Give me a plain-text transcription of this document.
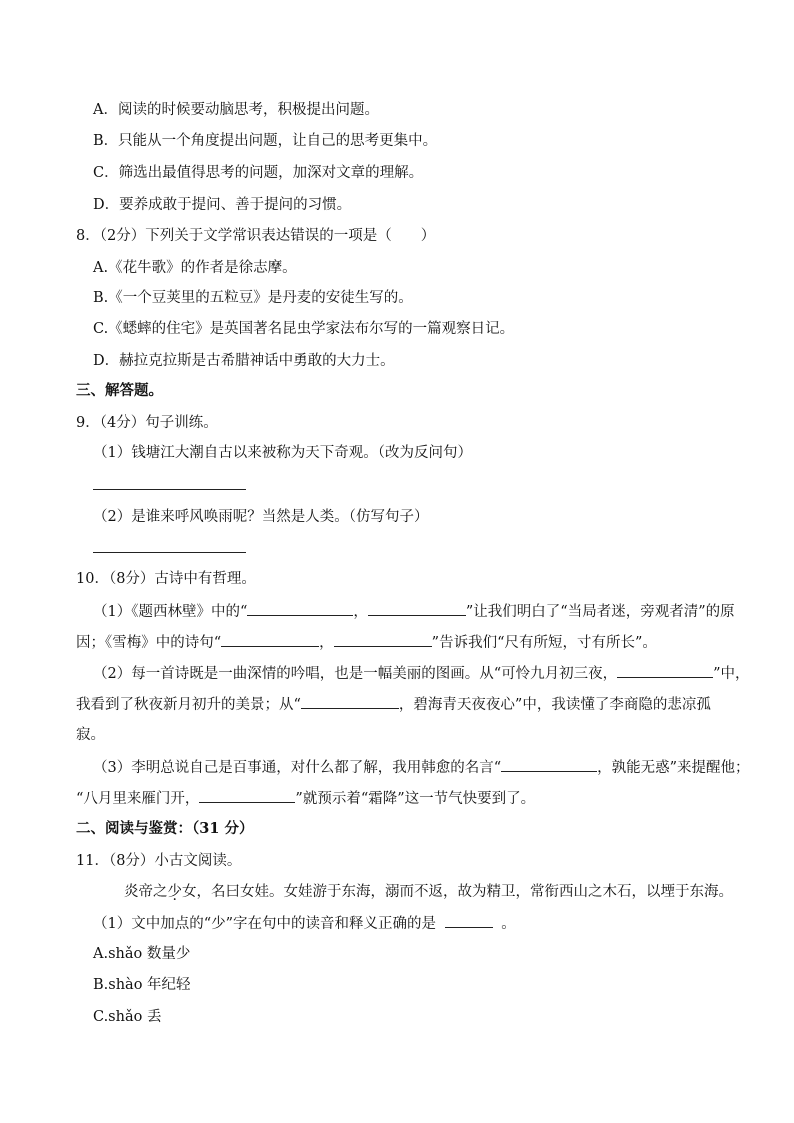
A．阅读的时候要动脑思考，积极提出问题。
B．只能从一个角度提出问题，让自己的思考更集中。
C．筛选出最值得思考的问题，加深对文章的理解。
D．要养成敢于提问、善于提问的习惯。
8．（2分）下列关于文学常识表达错误的一项是（　　）
A.《花牛歌》的作者是徐志摩。
B.《一个豆荚里的五粒豆》是丹麦的安徒生写的。
C.《蟋蟀的住宅》是英国著名昆虫学家法布尔写的一篇观察日记。
D．赫拉克拉斯是古希腊神话中勇敢的大力士。
三、解答题。
9．（4分）句子训练。
（1）钱塘江大潮自古以来被称为天下奇观。（改为反问句）
（2）是谁来呼风唤雨呢？当然是人类。（仿写句子）
10．（8分）古诗中有哲理。
（1）《题西林壁》中的“	，	”让我们明白了“当局者迷，旁观者清”的原
因；《雪梅》中的诗句“	，	”告诉我们“尺有所短，寸有所长”。
（2）每一首诗既是一曲深情的吟唱，也是一幅美丽的图画。从“可怜九月初三夜，	”中，
我看到了秋夜新月初升的美景；从“	，碧海青天夜夜心”中，我读懂了李商隐的悲凉孤
寂。
（3）李明总说自己是百事通，对什么都了解，我用韩愈的名言“	，孰能无惑”来提醒他；
“八月里来雁门开，	”就预示着“霜降”这一节气快要到了。
二、阅读与鉴赏：（31 分）
11．（8分）小古文阅读。
炎帝之少女，名曰女娃。女娃游于东海，溺而不返，故为精卫，常衔西山之木石，以堙于东海。
（1）文中加点的“少”字在句中的读音和释义正确的是	。
A.shǎo 数量少
B.shào 年纪轻
C.shǎo 丢
